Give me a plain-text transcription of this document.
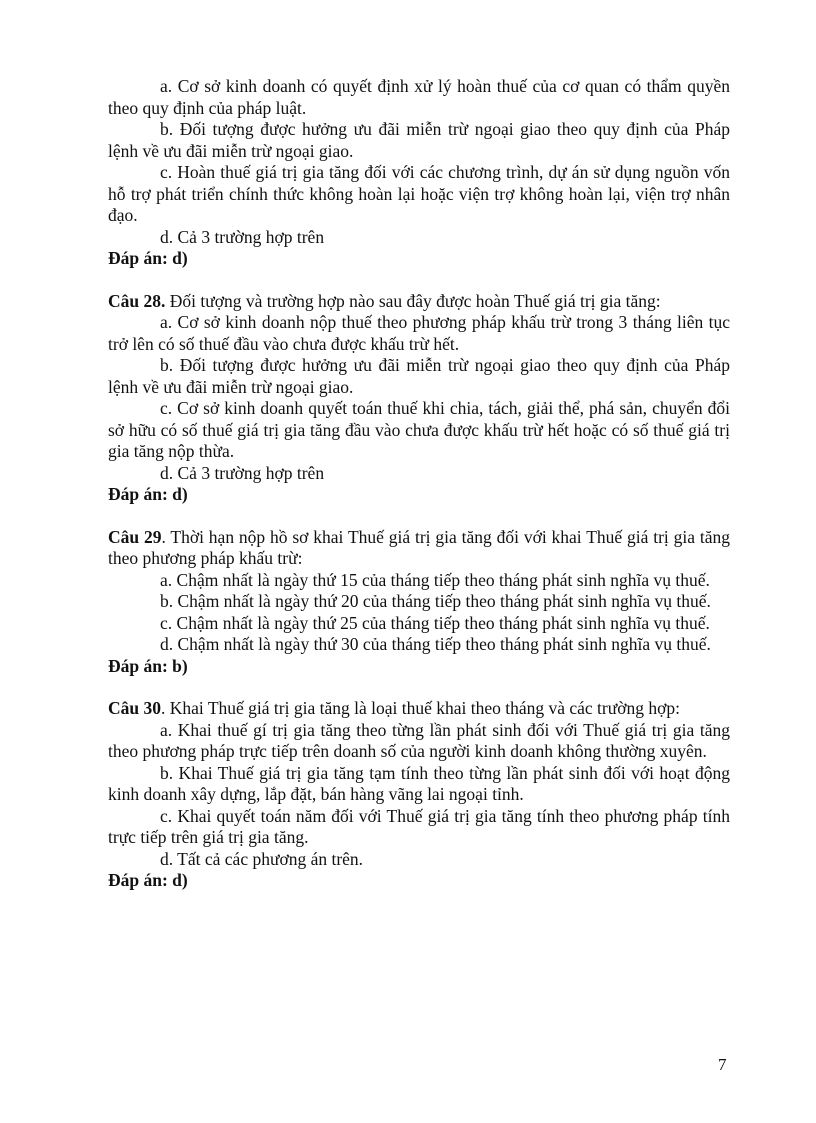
a. Cơ sở kinh doanh có quyết định xử lý hoàn thuế của cơ quan có thẩm quyền theo quy định của pháp luật.

b. Đối tượng được hưởng ưu đãi miễn trừ ngoại giao theo quy định của Pháp lệnh về ưu đãi miễn trừ ngoại giao.

c. Hoàn thuế giá trị gia tăng đối với các chương trình, dự án sử dụng nguồn vốn hỗ trợ phát triển chính thức không hoàn lại hoặc viện trợ không hoàn lại, viện trợ nhân đạo.

d. Cả 3 trường hợp trên

Đáp án: d)

Câu 28. Đối tượng và trường hợp nào sau đây được hoàn Thuế giá trị gia tăng:

a. Cơ sở kinh doanh nộp thuế theo phương pháp khấu trừ trong 3 tháng liên tục trở lên có số thuế đầu vào chưa được khấu trừ hết.

b. Đối tượng được hưởng ưu đãi miễn trừ ngoại giao theo quy định của Pháp lệnh về ưu đãi miễn trừ ngoại giao.

c. Cơ sở kinh doanh quyết toán thuế khi chia, tách, giải thể, phá sản, chuyển đổi sở hữu có số thuế giá trị gia tăng đầu vào chưa được khấu trừ hết hoặc có số thuế giá trị gia tăng nộp thừa.

d. Cả 3 trường hợp trên

Đáp án: d)

Câu 29. Thời hạn nộp hồ sơ khai Thuế giá trị gia tăng đối với khai Thuế giá trị gia tăng theo phương pháp khấu trừ:

a. Chậm nhất là ngày thứ 15 của tháng tiếp theo tháng phát sinh nghĩa vụ thuế.

b. Chậm nhất là ngày thứ 20 của tháng tiếp theo tháng phát sinh nghĩa vụ thuế.

c. Chậm nhất là ngày thứ 25 của tháng tiếp theo tháng phát sinh nghĩa vụ thuế.

d. Chậm nhất là ngày thứ 30 của tháng tiếp theo tháng phát sinh nghĩa vụ thuế.

Đáp án: b)

Câu 30. Khai Thuế giá trị gia tăng là loại thuế khai theo tháng và các trường hợp:

a. Khai thuế gí trị gia tăng theo từng lần phát sinh đối với Thuế giá trị gia tăng theo phương pháp trực tiếp trên doanh số của người kinh doanh không thường xuyên.

b. Khai Thuế giá trị gia tăng tạm tính theo từng lần phát sinh đối với hoạt động kinh doanh xây dựng, lắp đặt, bán hàng vãng lai ngoại tỉnh.

c. Khai quyết toán năm đối với Thuế giá trị gia tăng tính theo phương pháp tính trực tiếp trên giá trị gia tăng.

d. Tất cả các phương án trên.

Đáp án: d)

7
